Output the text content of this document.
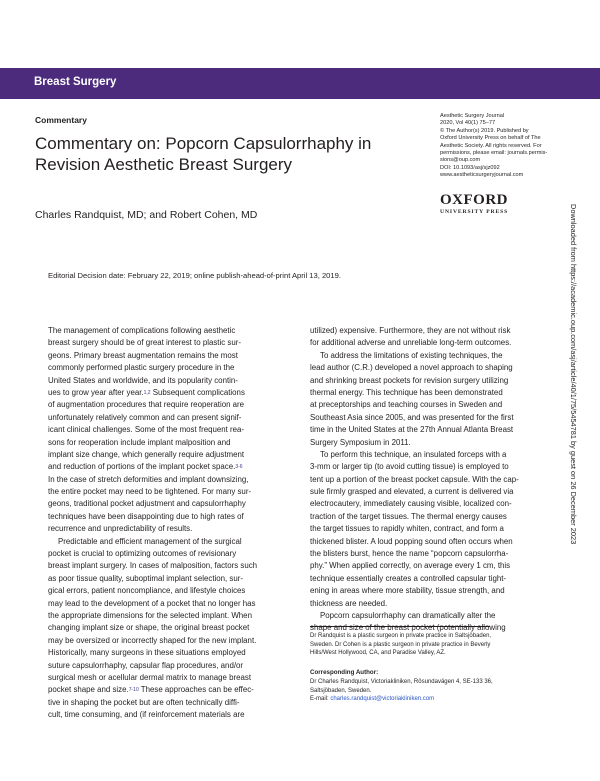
Breast Surgery
Commentary
Commentary on: Popcorn Capsulorrhaphy in
Revision Aesthetic Breast Surgery
Charles Randquist, MD; and Robert Cohen, MD
Aesthetic Surgery Journal
2020, Vol 40(1) 75–77
© The Author(s) 2019. Published by
Oxford University Press on behalf of The
Aesthetic Society. All rights reserved. For
permissions, please email: journals.permis-
sions@oup.com
DOI: 10.1093/asj/sjz092
www.aestheticsurgeryjournal.com
OXFORD
UNIVERSITY PRESS
Editorial Decision date: February 22, 2019; online publish-ahead-of-print April 13, 2019.
The management of complications following aesthetic
breast surgery should be of great interest to plastic sur-
geons. Primary breast augmentation remains the most
commonly performed plastic surgery procedure in the
United States and worldwide, and its popularity contin-
ues to grow year after year. 1,2 Subsequent complications
of augmentation procedures that require reoperation are
unfortunately relatively common and can present signif-
icant clinical challenges. Some of the most frequent rea-
sons for reoperation include implant malposition and
implant size change, which generally require adjustment
and reduction of portions of the implant pocket space. 3-6
In the case of stretch deformities and implant downsizing,
the entire pocket may need to be tightened. For many sur-
geons, traditional pocket adjustment and capsulorrhaphy
techniques have been disappointing due to high rates of
recurrence and unpredictability of results.
Predictable and efficient management of the surgical
pocket is crucial to optimizing outcomes of revisionary
breast implant surgery. In cases of malposition, factors such
as poor tissue quality, suboptimal implant selection, sur-
gical errors, patient noncompliance, and lifestyle choices
may lead to the development of a pocket that no longer has
the appropriate dimensions for the selected implant. When
changing implant size or shape, the original breast pocket
may be oversized or incorrectly shaped for the new implant.
Historically, many surgeons in these situations employed
suture capsulorrhaphy, capsular flap procedures, and/or
surgical mesh or acellular dermal matrix to manage breast
pocket shape and size. 7-10 These approaches can be effec-
tive in shaping the pocket but are often technically diffi-
cult, time consuming, and (if reinforcement materials are
utilized) expensive. Furthermore, they are not without risk
for additional adverse and unreliable long-term outcomes.
To address the limitations of existing techniques, the
lead author (C.R.) developed a novel approach to shaping
and shrinking breast pockets for revision surgery utilizing
thermal energy. This technique has been demonstrated
at preceptorships and teaching courses in Sweden and
Southeast Asia since 2005, and was presented for the first
time in the United States at the 27th Annual Atlanta Breast
Surgery Symposium in 2011.
To perform this technique, an insulated forceps with a
3-mm or larger tip (to avoid cutting tissue) is employed to
tent up a portion of the breast pocket capsule. With the cap-
sule firmly grasped and elevated, a current is delivered via
electrocautery, immediately causing visible, localized con-
traction of the target tissues. The thermal energy causes
the target tissues to rapidly whiten, contract, and form a
thickened blister. A loud popping sound often occurs when
the blisters burst, hence the name “popcorn capsulorrha-
phy.” When applied correctly, on average every 1 cm, this
technique essentially creates a controlled capsular tight-
ening in areas where more stability, tissue strength, and
thickness are needed.
Popcorn capsulorrhaphy can dramatically alter the
shape and size of the breast pocket (potentially allowing
Dr Randquist is a plastic surgeon in private practice in Saltsjöbaden,
Sweden. Dr Cohen is a plastic surgeon in private practice in Beverly
Hills/West Hollywood, CA, and Paradise Valley, AZ.
Corresponding Author:
Dr Charles Randquist, Victoriakliniken, Rösundavägen 4, SE-133 36,
Saltsjöbaden, Sweden.
E-mail: charles.randquist@victoriakliniken.com
Downloaded from https://academic.oup.com/asj/article/40/1/75/5454781 by guest on 26 December 2023
